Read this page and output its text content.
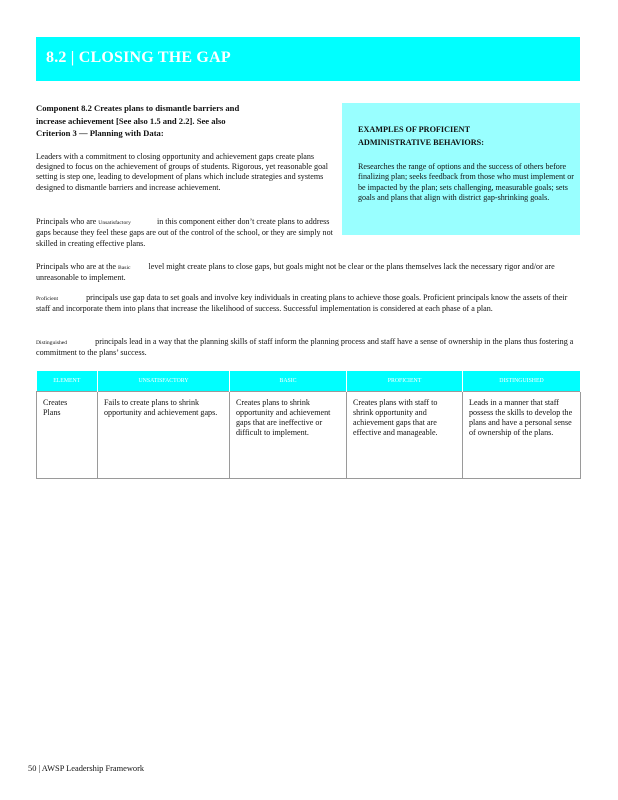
8.2 | CLOSING THE GAP
Component 8.2 Creates plans to dismantle barriers and
increase achievement [See also 1.5 and 2.2]. See also
Criterion 3 — Planning with Data:
Leaders with a commitment to closing opportunity and achievement gaps create plans designed to focus on the achievement of groups of students. Rigorous, yet reasonable goal setting is step one, leading to development of plans which include strategies and systems designed to dismantle barriers and increase achievement.
EXAMPLES OF PROFICIENT
ADMINISTRATIVE BEHAVIORS:
Researches the range of options and the success of others before finalizing plan; seeks feedback from those who must implement or be impacted by the plan; sets challenging, measurable goals; sets goals and plans that align with district gap-shrinking goals.
Principals who are Unsatisfactory	in this component either don’t create plans to address gaps because they feel these gaps are out of the control of the school, or they are simply not skilled in creating effective plans.
Principals who are at the Basic level might create plans to close gaps, but goals might not be clear or the plans themselves lack the necessary rigor and/or are unreasonable to implement.
Proficient	principals use gap data to set goals and involve key individuals in creating plans to achieve those goals. Proficient principals know the assets of their staff and incorporate them into plans that increase the likelihood of success. Successful implementation is considered at each phase of a plan.
Distinguished	principals lead in a way that the planning skills of staff inform the planning process and staff have a sense of ownership in the plans thus fostering a commitment to the plans’ success.
ELEMENT	UNSATISFACTORY	BASIC	PROFICIENT	DISTINGUISHED
Creates  Plans	Fails to create plans to shrink opportunity and achievement gaps.	Creates plans to shrink opportunity and achievement gaps that are ineffective or difficult to implement.	Creates plans with staff to shrink opportunity and achievement gaps that are effective and manageable.	Leads in a manner that staff possess the skills to develop the plans and have a personal sense of ownership of the plans.
50 | AWSP Leadership Framework
